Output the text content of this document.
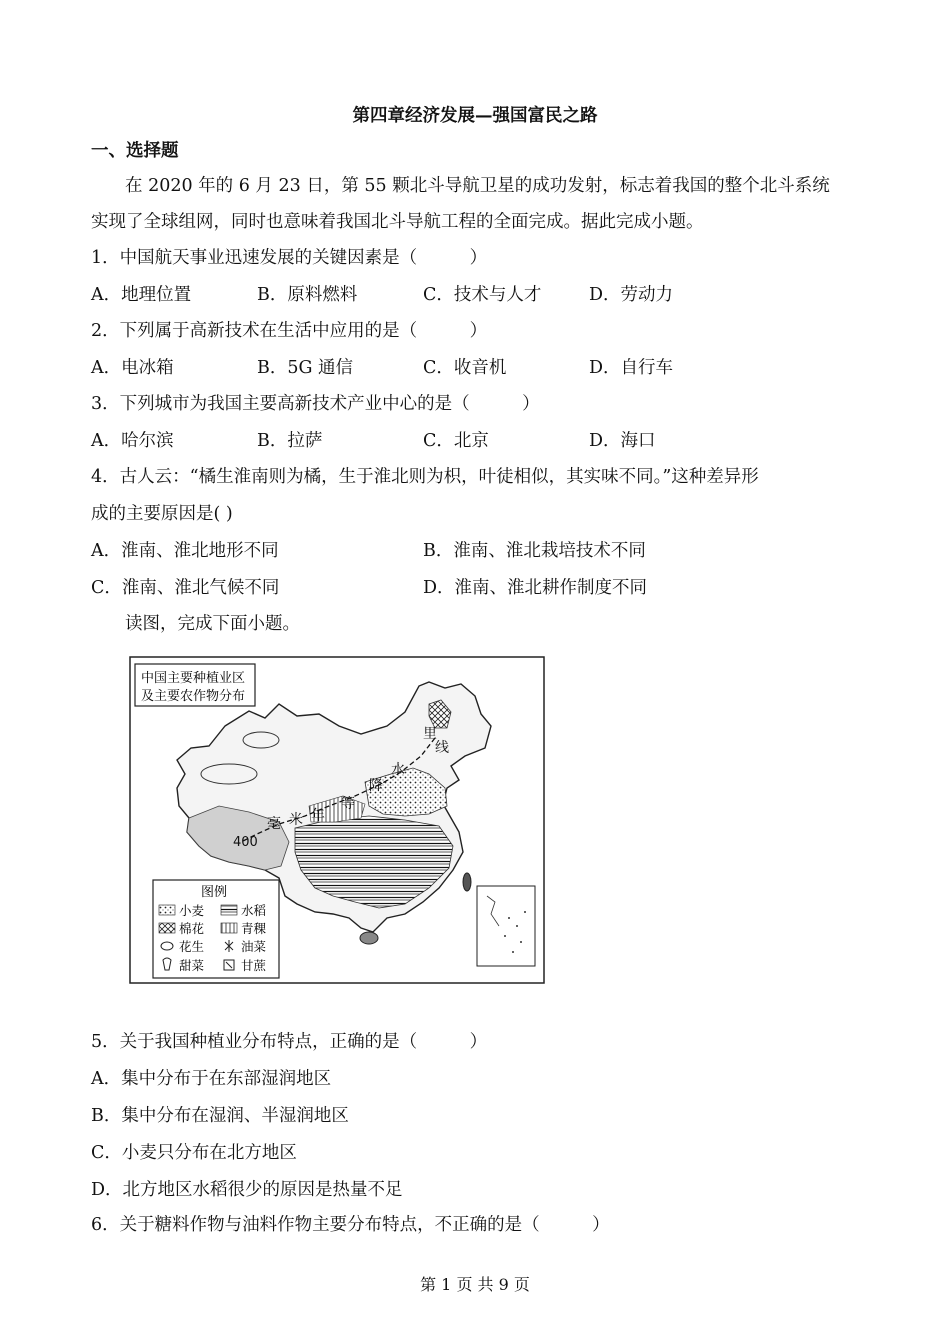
第四章经济发展—强国富民之路
一、选择题
在 2020 年的 6 月 23 日，第 55 颗北斗导航卫星的成功发射，标志着我国的整个北斗系统
实现了全球组网，同时也意味着我国北斗导航工程的全面完成。据此完成小题。
1．中国航天事业迅速发展的关键因素是（　　　）
A．地理位置	B．原料燃料	C．技术与人才	D．劳动力
2．下列属于高新技术在生活中应用的是（　　　）
A．电冰箱	B．5G 通信	C．收音机	D．自行车
3．下列城市为我国主要高新技术产业中心的是（　　　）
A．哈尔滨	B．拉萨	C．北京	D．海口
4．古人云：“橘生淮南则为橘，生于淮北则为枳，叶徒相似，其实味不同。”这种差异形
成的主要原因是( )
A．淮南、淮北地形不同	B．淮南、淮北栽培技术不同
C．淮南、淮北气候不同	D．淮南、淮北耕作制度不同
读图，完成下面小题。
中国主要种植业区
及主要农作物分布
里
线
水
降
等
毫 米 年
400
图例
小麦	水稻
棉花	青稞
花生	油菜
甜菜	甘蔗
5．关于我国种植业分布特点，正确的是（　　　）
A．集中分布于在东部湿润地区
B．集中分布在湿润、半湿润地区
C．小麦只分布在北方地区
D．北方地区水稻很少的原因是热量不足
6．关于糖料作物与油料作物主要分布特点，不正确的是（　　　）
第 1 页 共 9 页
